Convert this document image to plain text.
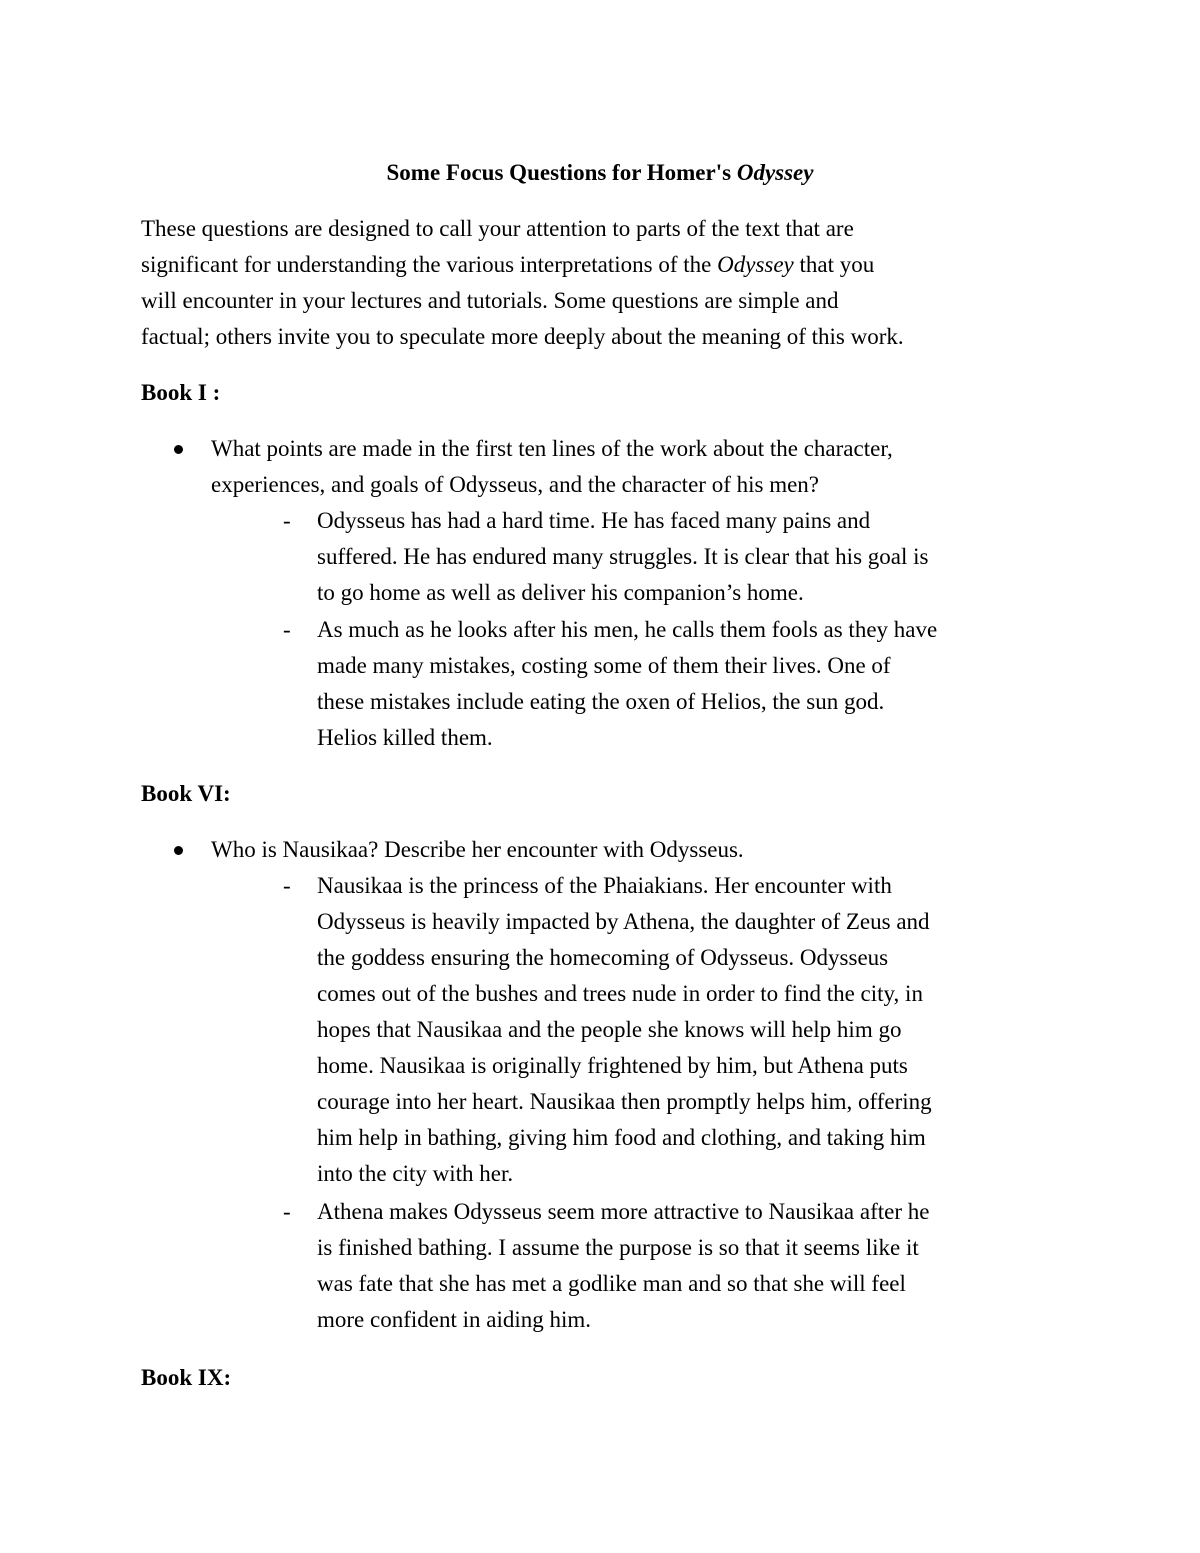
Some Focus Questions for Homer's Odyssey
These questions are designed to call your attention to parts of the text that are
significant for understanding the various interpretations of the Odyssey that you
will encounter in your lectures and tutorials. Some questions are simple and
factual; others invite you to speculate more deeply about the meaning of this work.
Book I :
What points are made in the first ten lines of the work about the character,
experiences, and goals of Odysseus, and the character of his men?
- Odysseus has had a hard time. He has faced many pains and
suffered. He has endured many struggles. It is clear that his goal is
to go home as well as deliver his companion’s home.
- As much as he looks after his men, he calls them fools as they have
made many mistakes, costing some of them their lives. One of
these mistakes include eating the oxen of Helios, the sun god.
Helios killed them.
Book VI:
Who is Nausikaa? Describe her encounter with Odysseus.
- Nausikaa is the princess of the Phaiakians. Her encounter with
Odysseus is heavily impacted by Athena, the daughter of Zeus and
the goddess ensuring the homecoming of Odysseus. Odysseus
comes out of the bushes and trees nude in order to find the city, in
hopes that Nausikaa and the people she knows will help him go
home. Nausikaa is originally frightened by him, but Athena puts
courage into her heart. Nausikaa then promptly helps him, offering
him help in bathing, giving him food and clothing, and taking him
into the city with her.
- Athena makes Odysseus seem more attractive to Nausikaa after he
is finished bathing. I assume the purpose is so that it seems like it
was fate that she has met a godlike man and so that she will feel
more confident in aiding him.
Book IX:
